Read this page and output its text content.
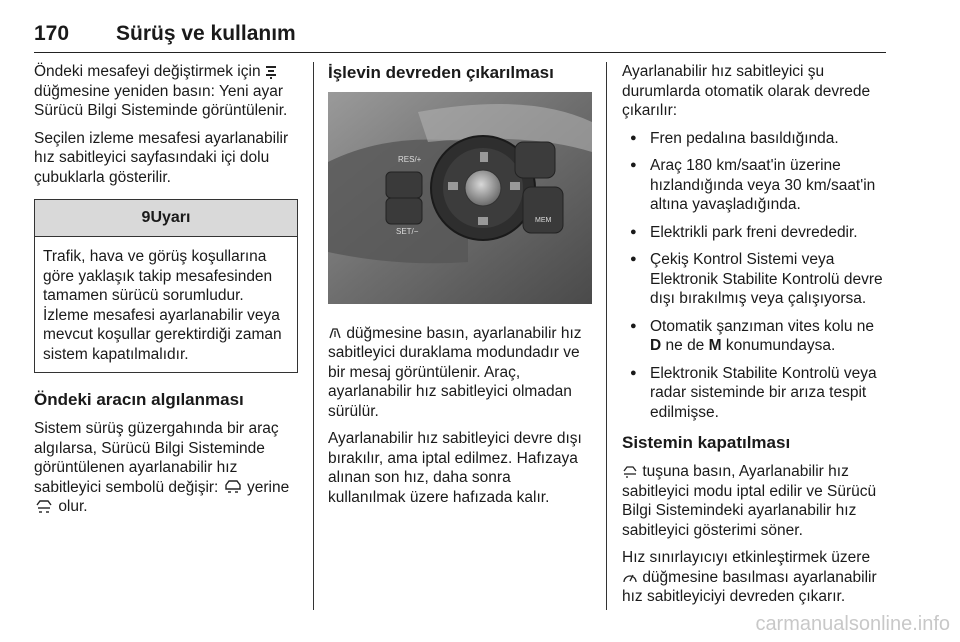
170 Sürüş ve kullanım

Öndeki mesafeyi değiştirmek için  düğmesine yeniden basın: Yeni ayar Sürücü Bilgi Sisteminde görüntülenir.

Seçilen izleme mesafesi ayarlanabilir hız sabitleyici sayfasındaki içi dolu çubuklarla gösterilir.

9Uyarı

Trafik, hava ve görüş koşullarına göre yaklaşık takip mesafesinden tamamen sürücü sorumludur. İzleme mesafesi ayarlanabilir veya mevcut koşullar gerektirdiği zaman sistem kapatılmalıdır.

Öndeki aracın algılanması

Sistem sürüş güzergahında bir araç algılarsa, Sürücü Bilgi Sisteminde görüntülenen ayarlanabilir hız sabitleyici sembolü değişir: yerine  olur.

İşlevin devreden çıkarılması
RES/+
SET/−
MEM

düğmesine basın, ayarlanabilir hız sabitleyici duraklama modundadır ve bir mesaj görüntülenir. Araç, ayarlanabilir hız sabitleyici olmadan sürülür.

Ayarlanabilir hız sabitleyici devre dışı bırakılır, ama iptal edilmez. Hafızaya alınan son hız, daha sonra kullanılmak üzere hafızada kalır.

Ayarlanabilir hız sabitleyici şu durumlarda otomatik olarak devrede çıkarılır:

● Fren pedalına basıldığında.
● Araç 180 km/saat'in üzerine hızlandığında veya 30 km/saat'in altına yavaşladığında.
● Elektrikli park freni devrededir.
● Çekiş Kontrol Sistemi veya Elektronik Stabilite Kontrolü devre dışı bırakılmış veya çalışıyorsa.
● Otomatik şanzıman vites kolu ne D ne de M konumundaysa.
● Elektronik Stabilite Kontrolü veya radar sisteminde bir arıza tespit edilmişse.
Sistemin kapatılması

tuşuna basın, Ayarlanabilir hız sabitleyici modu iptal edilir ve Sürücü Bilgi Sistemindeki ayarlanabilir hız sabitleyici gösterimi söner.

Hız sınırlayıcıyı etkinleştirmek üzere  düğmesine basılması ayarlanabilir hız sabitleyiciyi devreden çıkarır.

carmanualsonline.info
